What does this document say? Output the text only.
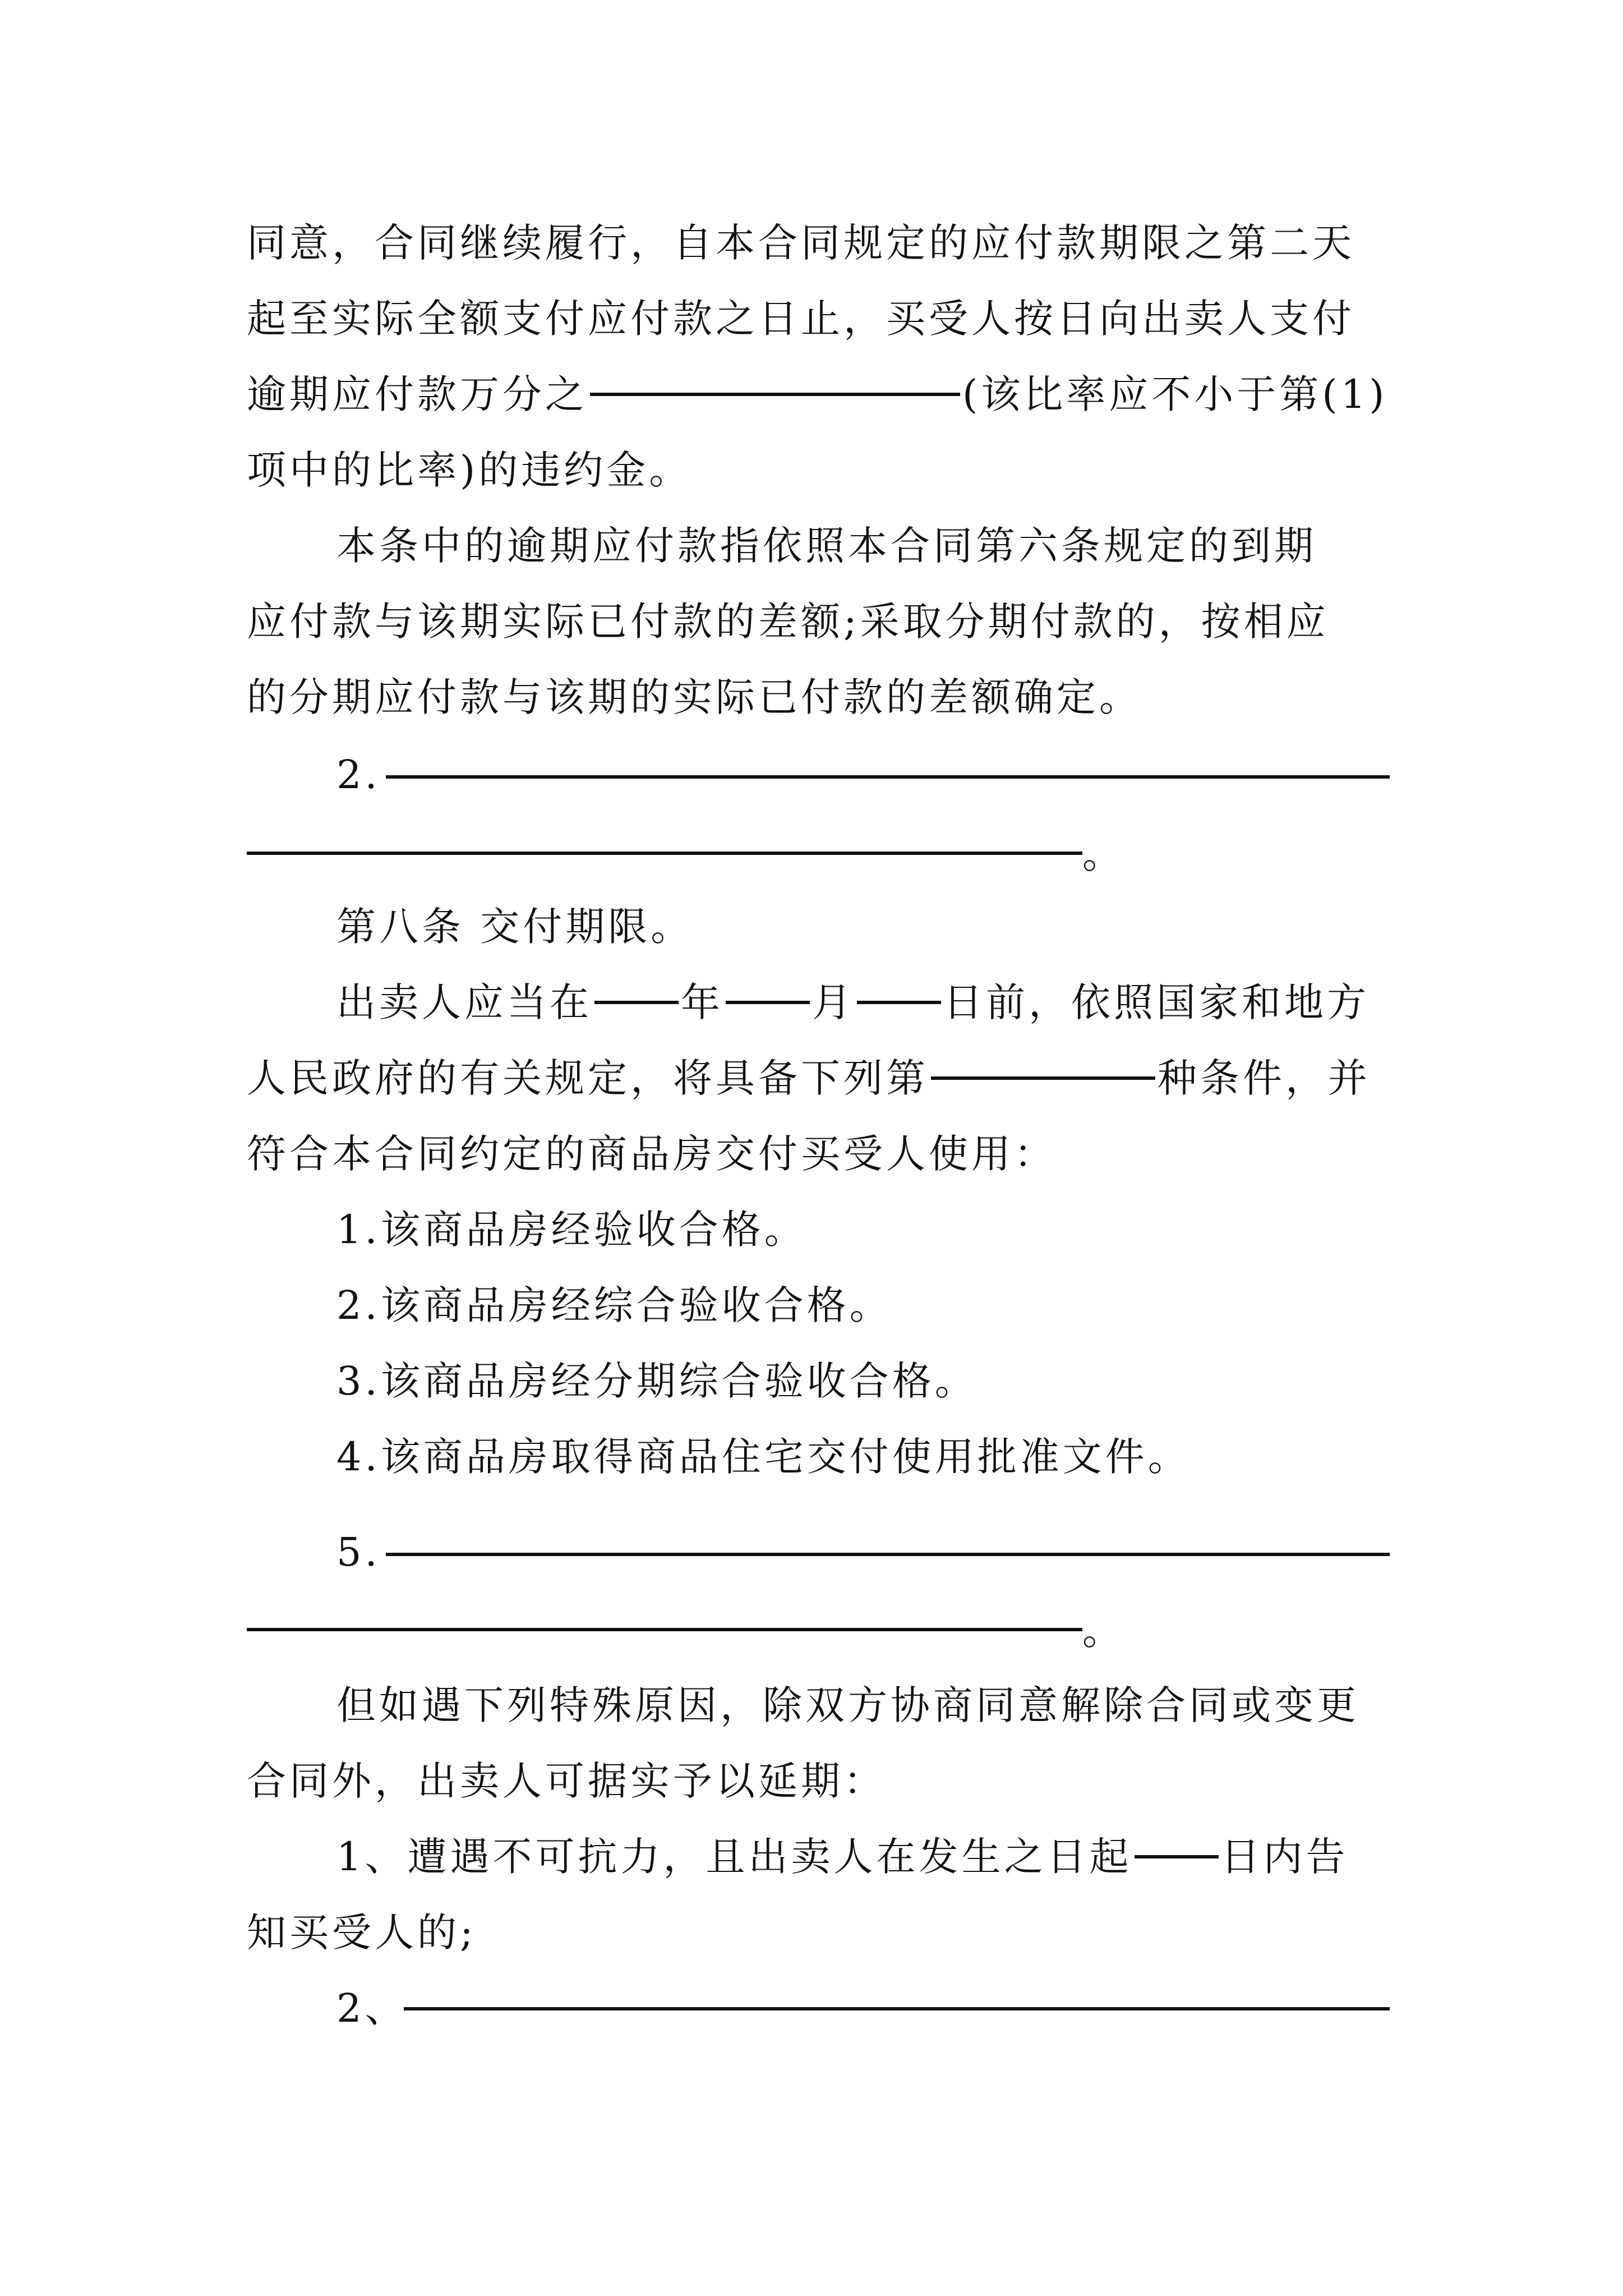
同意，合同继续履行，自本合同规定的应付款期限之第二天
起至实际全额支付应付款之日止，买受人按日向出卖人支付
逾期应付款万分之	(该比率应不小于第(1)
项中的比率)的违约金。
本条中的逾期应付款指依照本合同第六条规定的到期
应付款与该期实际已付款的差额;采取分期付款的，按相应
的分期应付款与该期的实际已付款的差额确定。
2.
。
第八条 交付期限。
出卖人应当在 年 月 日前，依照国家和地方
人民政府的有关规定，将具备下列第	种条件，并
符合本合同约定的商品房交付买受人使用：
1.该商品房经验收合格。
2.该商品房经综合验收合格。
3.该商品房经分期综合验收合格。
4.该商品房取得商品住宅交付使用批准文件。
5.
。
但如遇下列特殊原因，除双方协商同意解除合同或变更
合同外，出卖人可据实予以延期：
1、遭遇不可抗力，且出卖人在发生之日起 日内告
知买受人的;
2、
